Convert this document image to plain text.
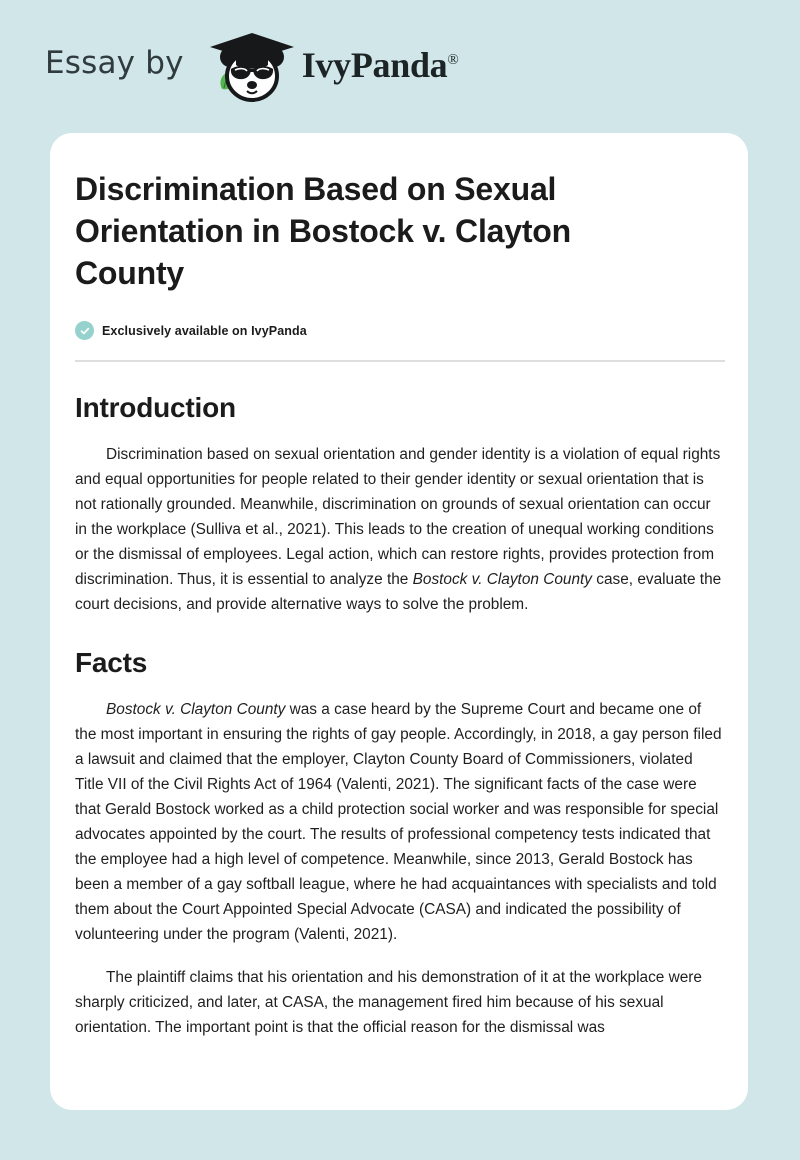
Essay by	IvyPanda®
Discrimination Based on Sexual Orientation in Bostock v. Clayton County
Exclusively available on IvyPanda
Introduction

Discrimination based on sexual orientation and gender identity is a violation of equal rights and equal opportunities for people related to their gender identity or sexual orientation that is not rationally grounded. Meanwhile, discrimination on grounds of sexual orientation can occur in the workplace (Sulliva et al., 2021). This leads to the creation of unequal working conditions or the dismissal of employees. Legal action, which can restore rights, provides protection from discrimination. Thus, it is essential to analyze the Bostock v. Clayton County case, evaluate the court decisions, and provide alternative ways to solve the problem.

Facts

Bostock v. Clayton County was a case heard by the Supreme Court and became one of the most important in ensuring the rights of gay people. Accordingly, in 2018, a gay person filed a lawsuit and claimed that the employer, Clayton County Board of Commissioners, violated Title VII of the Civil Rights Act of 1964 (Valenti, 2021). The significant facts of the case were that Gerald Bostock worked as a child protection social worker and was responsible for special advocates appointed by the court. The results of professional competency tests indicated that the employee had a high level of competence. Meanwhile, since 2013, Gerald Bostock has been a member of a gay softball league, where he had acquaintances with specialists and told them about the Court Appointed Special Advocate (CASA) and indicated the possibility of volunteering under the program (Valenti, 2021).

The plaintiff claims that his orientation and his demonstration of it at the workplace were sharply criticized, and later, at CASA, the management fired him because of his sexual orientation. The important point is that the official reason for the dismissal was
